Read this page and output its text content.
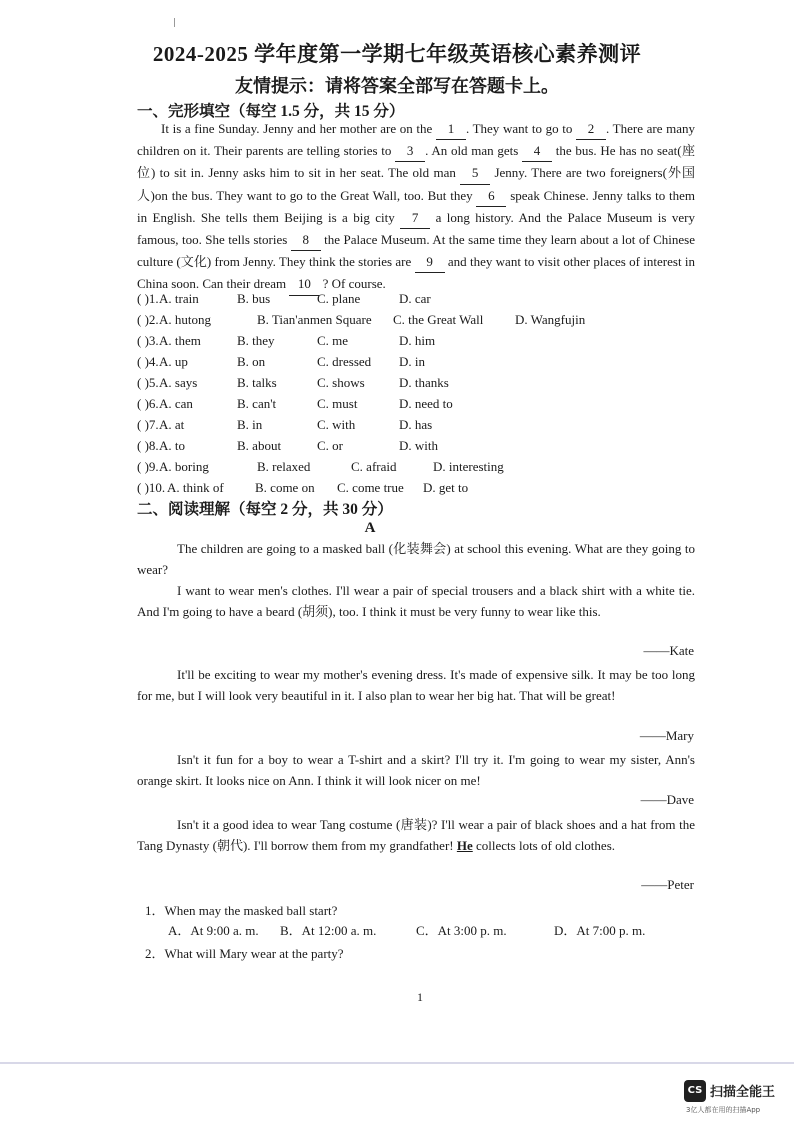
2024-2025 学年度第一学期七年级英语核心素养测评
友情提示：请将答案全部写在答题卡上。
一、完形填空（每空 1.5 分，共 15 分）
It is a fine Sunday. Jenny and her mother are on the 1 . They want to go to 2 . There are many children on it. Their parents are telling stories to 3 . An old man gets 4 the bus. He has no seat(座位) to sit in. Jenny asks him to sit in her seat. The old man 5 Jenny. There are two foreigners(外国人)on the bus. They want to go to the Great Wall, too. But they 6 speak Chinese. Jenny talks to them in English. She tells them Beijing is a big city 7 a long history. And the Palace Museum is very famous, too. She tells stories 8 the Palace Museum. At the same time they learn about a lot of Chinese culture (文化) from Jenny. They think the stories are 9 and they want to visit other places of interest in China soon. Can their dream 10 ? Of course.
( )1. A. train	B. bus	C. plane	D. car
( )2. A. hutong	B. Tian'anmen Square C. the Great Wall D. Wangfujin
( )3. A. them	B. they	C. me	D. him
( )4. A. up	B. on	C. dressed D. in
( )5. A. says	B. talks	C. shows	D. thanks
( )6. A. can	B. can't	C. must	D. need to
( )7. A. at	B. in	C. with	D. has
( )8. A. to	B. about	C. or	D. with
( )9. A. boring	B. relaxed	C. afraid	D. interesting
( )10. A. think of B. come on C. come true D. get to
二、阅读理解（每空 2 分，共 30 分）
A
The children are going to a masked ball (化装舞会) at school this evening. What are they going to wear?
I want to wear men's clothes. I'll wear a pair of special trousers and a black shirt with a white tie. And I'm going to have a beard (胡须), too. I think it must be very funny to wear like this.
——Kate
It'll be exciting to wear my mother's evening dress. It's made of expensive silk. It may be too long for me, but I will look very beautiful in it. I also plan to wear her big hat. That will be great!
——Mary
Isn't it fun for a boy to wear a T-shirt and a skirt? I'll try it. I'm going to wear my sister, Ann's orange skirt. It looks nice on Ann. I think it will look nicer on me!
——Dave
Isn't it a good idea to wear Tang costume (唐装)? I'll wear a pair of black shoes and a hat from the Tang Dynasty (朝代). I'll borrow them from my grandfather! He collects lots of old clothes.
——Peter
1．When may the masked ball start?
A．At 9:00 a. m. B．At 12:00 a. m.	C．At 3:00 p. m.	D．At 7:00 p. m.
2．What will Mary wear at the party?
1
CS 扫描全能王
3亿人都在用的扫描App
